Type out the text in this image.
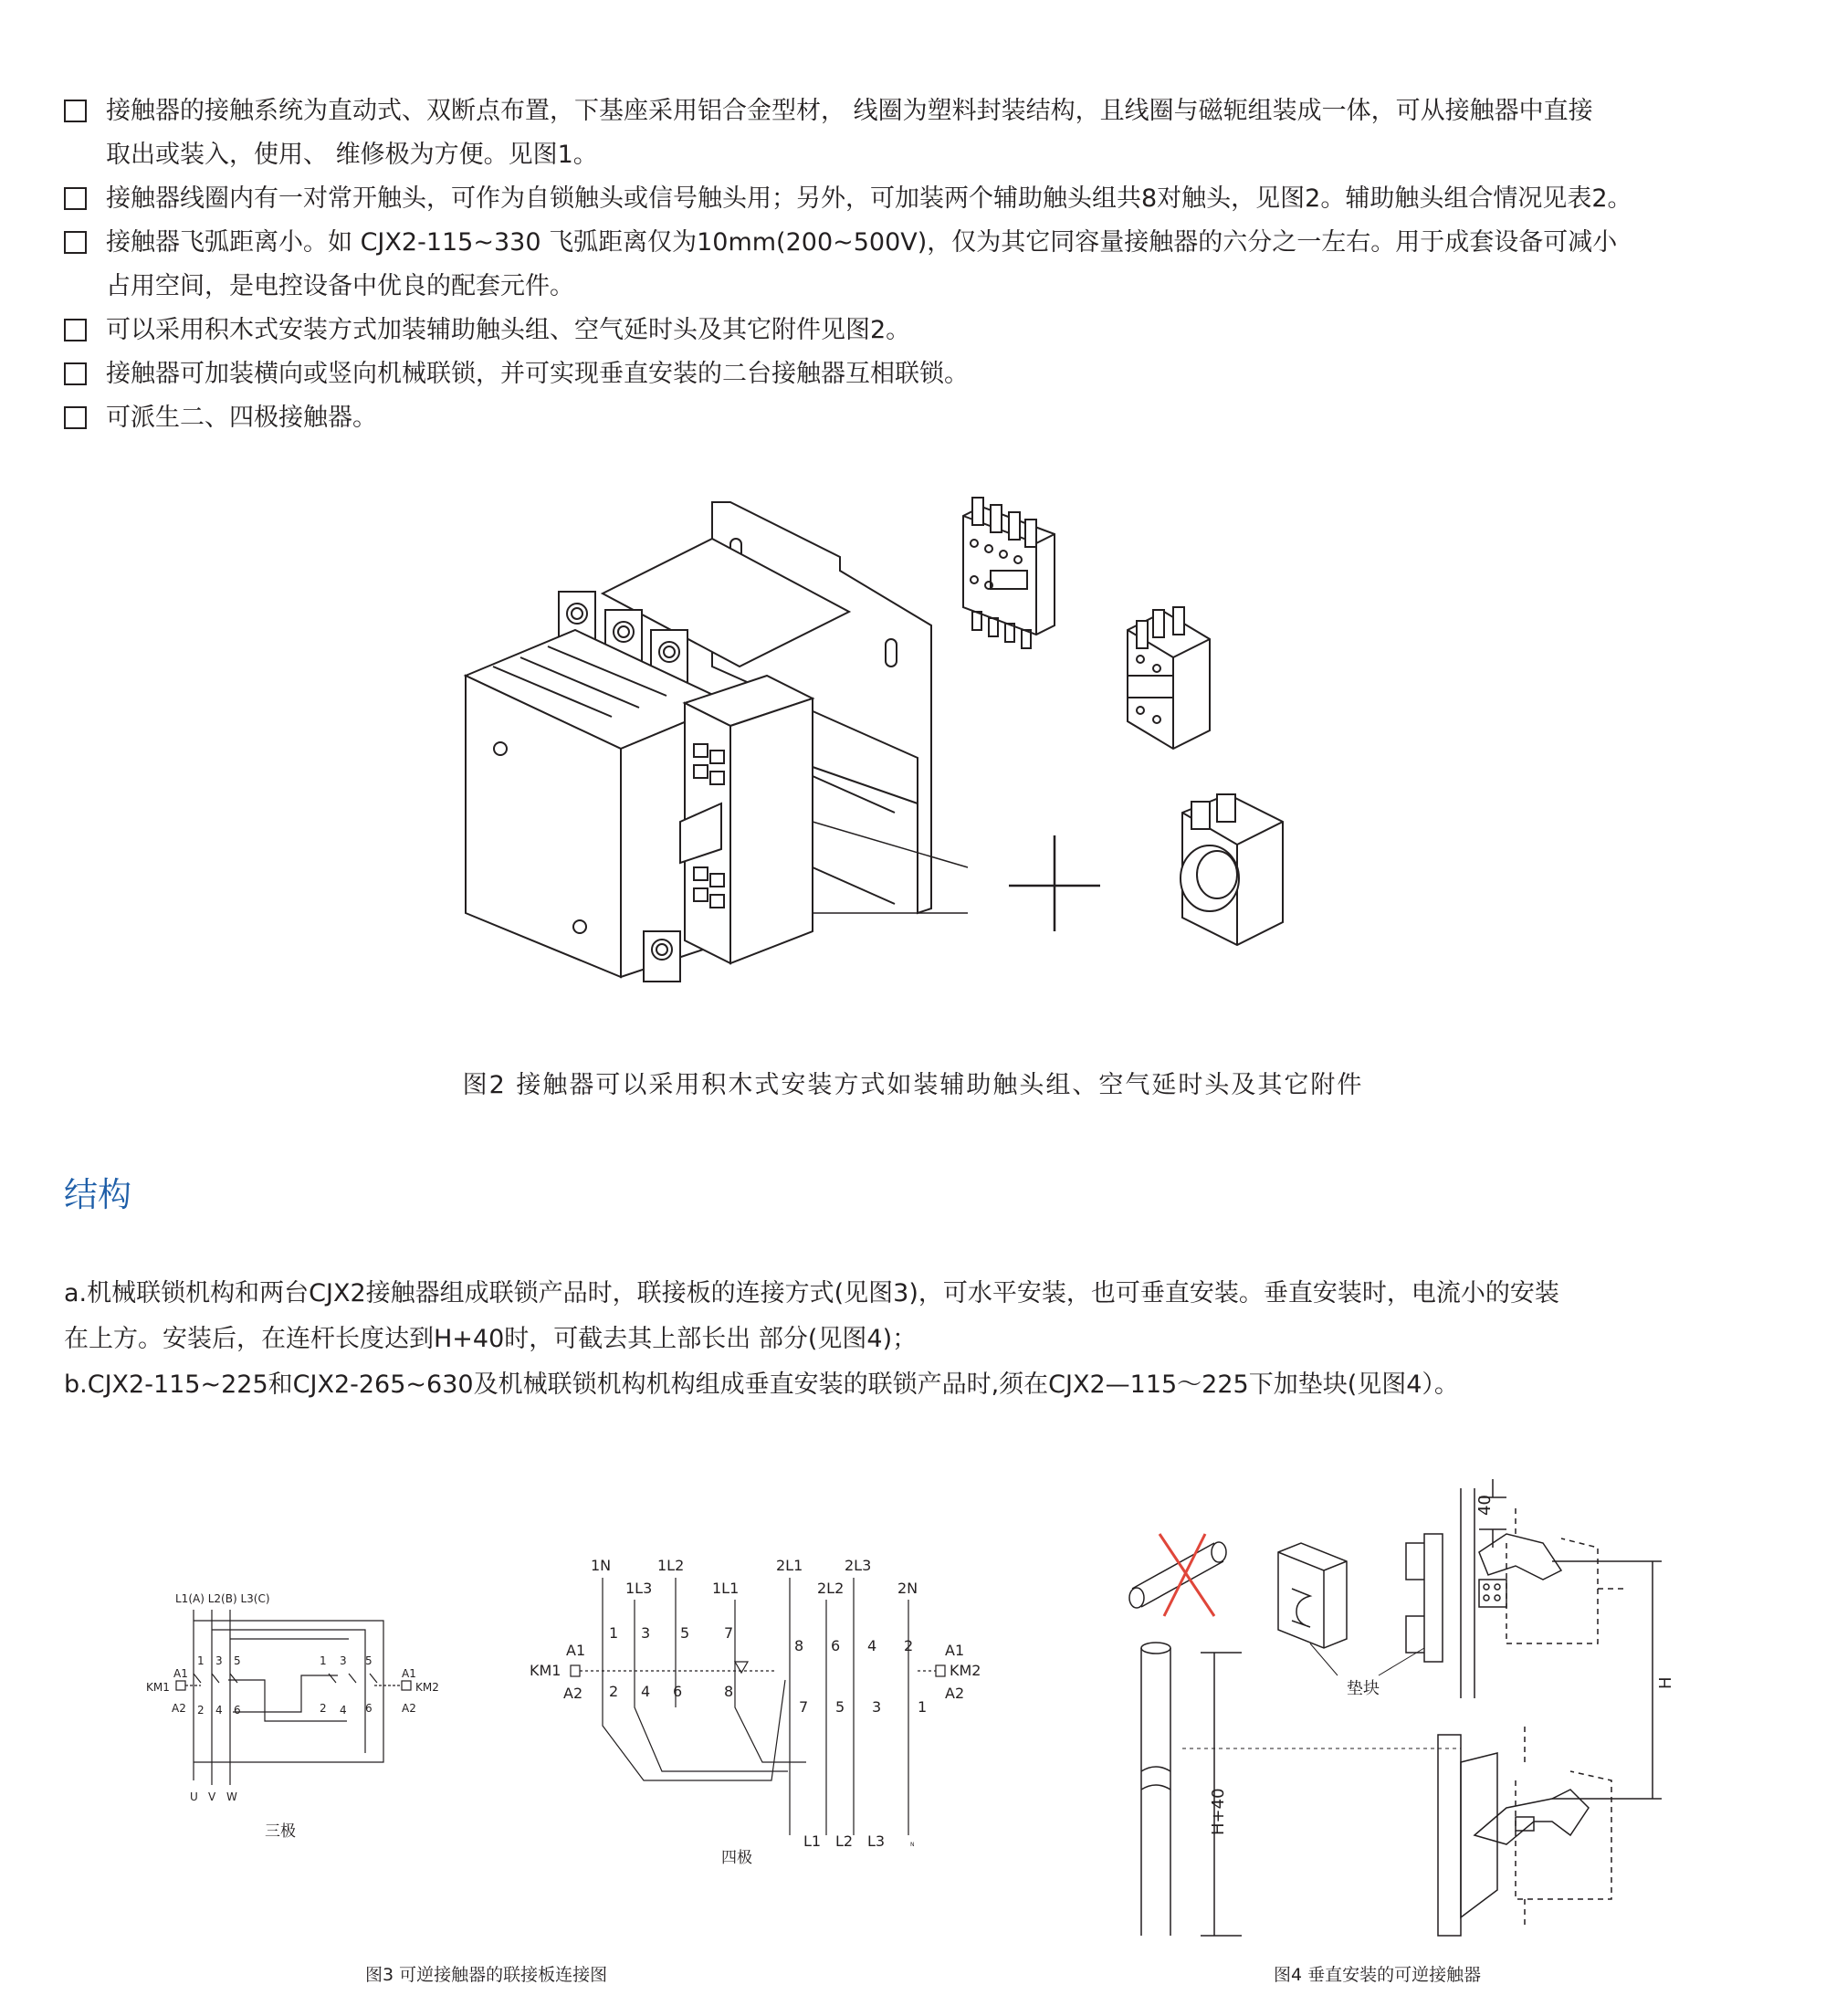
接触器的接触系统为直动式、双断点布置，下基座采用铝合金型材， 线圈为塑料封装结构，且线圈与磁轭组装成一体，可从接触器中直接
取出或装入，使用、 维修极为方便。见图1。
接触器线圈内有一对常开触头，可作为自锁触头或信号触头用；另外，可加装两个辅助触头组共8对触头，见图2。辅助触头组合情况见表2。
接触器飞弧距离小。如 CJX2-115~330 飞弧距离仅为10mm(200~500V)，仅为其它同容量接触器的六分之一左右。用于成套设备可减小
占用空间，是电控设备中优良的配套元件。
可以采用积木式安装方式加装辅助触头组、空气延时头及其它附件见图2。
接触器可加装横向或竖向机械联锁，并可实现垂直安装的二台接触器互相联锁。
可派生二、四极接触器。
图2 接触器可以采用积木式安装方式如装辅助触头组、空气延时头及其它附件
结构

a.机械联锁机构和两台CJX2接触器组成联锁产品时，联接板的连接方式(见图3)，可水平安装，也可垂直安装。垂直安装时，电流小的安装

在上方。安装后，在连杆长度达到H+40时，可截去其上部长出 部分(见图4)；

b.CJX2-115~225和CJX2-265~630及机械联锁机构机构组成垂直安装的联锁产品时,须在CJX2—115～225下加垫块(见图4）。

L1(A) L2(B) L3(C)
A1
KM1
A2
A1
KM2
A2
1 3 5	1 3 5
2 4 6	2 4 6
U V W
三极
1N	1L2	2L1	2L3
1L3	1L1	2L2	2N
A1
KM1
A2
A1
KM2
A2
1 3 5 7
8 6 4 2
2 4 6	8
7 5 3 1
L1 L2 L3	N
四极
H+40
垫块
40
H
图3 可逆接触器的联接板连接图	图4 垂直安装的可逆接触器
